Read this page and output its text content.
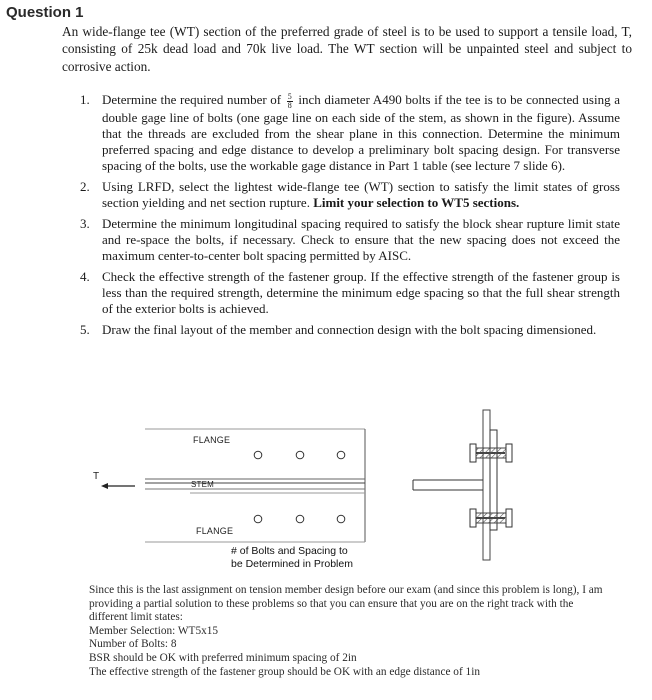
Question 1
An wide-flange tee (WT) section of the preferred grade of steel is to be used to support a tensile load, T, consisting of 25k dead load and 70k live load. The WT section will be unpainted steel and subject to corrosive action.
1. Determine the required number of $\frac{5}{8}$ inch diameter A490 bolts if the tee is to be connected using a double gage line of bolts (one gage line on each side of the stem, as shown in the figure). Assume that the threads are excluded from the shear plane in this connection. Determine the minimum preferred spacing and edge distance to develop a preliminary bolt spacing design. For transverse spacing of the bolts, use the workable gage distance in Part 1 table (see lecture 7 slide 6).
2. Using LRFD, select the lightest wide-flange tee (WT) section to satisfy the limit states of gross section yielding and net section rupture. Limit your selection to WT5 sections.
3. Determine the minimum longitudinal spacing required to satisfy the block shear rupture limit state and re-space the bolts, if necessary. Check to ensure that the new spacing does not exceed the maximum center-to-center bolt spacing permitted by AISC.
4. Check the effective strength of the fastener group. If the effective strength of the fastener group is less than the required strength, determine the minimum edge spacing so that the full shear strength of the exterior bolts is achieved.
5. Draw the final layout of the member and connection design with the bolt spacing dimensioned.
T
FLANGE
STEM
FLANGE
# of Bolts and Spacing to
be Determined in Problem

Since this is the last assignment on tension member design before our exam (and since this problem is long), I am providing a partial solution to these problems so that you can ensure that you are on the right track with the different limit states:

Member Selection: WT5x15

Number of Bolts: 8

BSR should be OK with preferred minimum spacing of 2in

The effective strength of the fastener group should be OK with an edge distance of 1in
